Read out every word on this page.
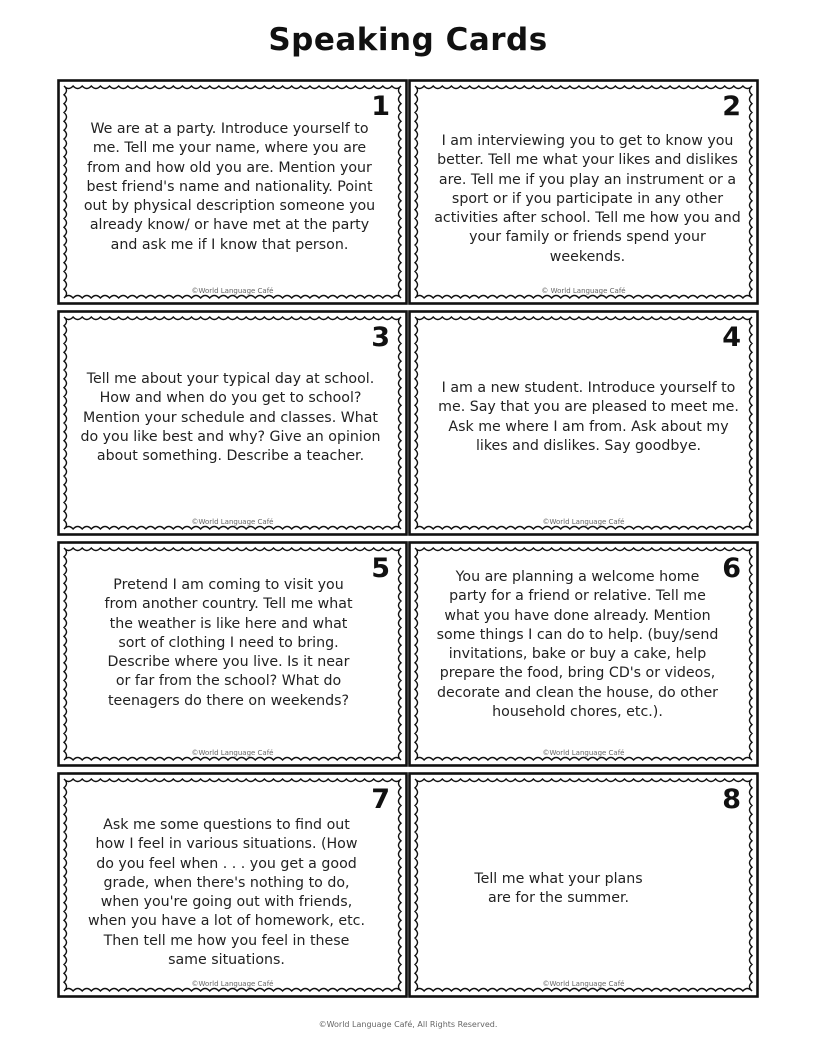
Speaking Cards
1
We are at a party. Introduce yourself to me. Tell me your name, where you are from and how old you are. Mention your best friend's name and nationality. Point out by physical description someone you already know/ or have met at the party and ask me if I know that person.
©World Language Café
2
I am interviewing you to get to know you better. Tell me what your likes and dislikes are. Tell me if you play an instrument or a sport or if you participate in any other activities after school. Tell me how you and your family or friends spend your weekends.
© World Language Café
3
Tell me about your typical day at school. How and when do you get to school? Mention your schedule and classes. What do you like best and why? Give an opinion about something. Describe a teacher.
©World Language Café
4
I am a new student. Introduce yourself to me. Say that you are pleased to meet me. Ask me where I am from. Ask about my likes and dislikes. Say goodbye.
©World Language Café
5
Pretend I am coming to visit you from another country. Tell me what the weather is like here and what sort of clothing I need to bring. Describe where you live. Is it near or far from the school? What do teenagers do there on weekends?
©World Language Café
6
You are planning a welcome home party for a friend or relative. Tell me what you have done already. Mention some things I can do to help. (buy/send invitations, bake or buy a cake, help prepare the food, bring CD's or videos, decorate and clean the house, do other household chores, etc.).
©World Language Café
7
Ask me some questions to find out how I feel in various situations. (How do you feel when . . . you get a good grade, when there's nothing to do, when you're going out with friends, when you have a lot of homework, etc. Then tell me how you feel in these same situations.
©World Language Café
8
Tell me what your plans are for the summer.
©World Language Café
©World Language Café, All Rights Reserved.
